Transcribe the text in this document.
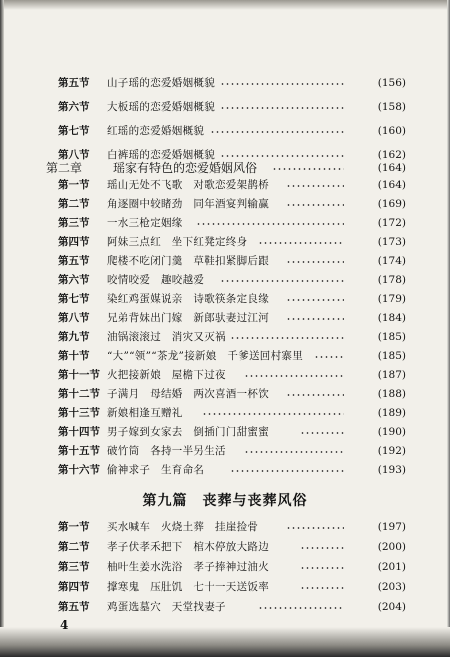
第五节 山子瑶的恋爱婚姻概貌	(156)
第六节 大板瑶的恋爱婚姻概貌	(158)
第七节 红瑶的恋爱婚姻概貌	(160)
第八节 白裤瑶的恋爱婚姻概貌	(162)
第二章	瑶家有特色的恋爱婚姻风俗	(164)
第一节 瑶山无处不飞歌　对歌恋爱架鹊桥	(164)
第二节 角逐圈中较睹劲　同年酒宴判输赢	(169)
第三节 一水三枪定姻缘	(172)
第四节 阿妹三点红　坐下红凳定终身	(173)
第五节 爬楼不吃闭门羹　草鞋扣紧脚后跟	(174)
第六节 咬情咬爱　趣咬越爱	(178)
第七节 染红鸡蛋媒说亲　诗歌筷条定良缘	(179)
第八节 兄弟背妹出门嫁　新郎驮妻过江河	(184)
第九节 油锅滚滚过　消灾又灭祸	(185)
第十节 “大”“领”“茶龙”接新娘　千爹送回村寨里	(185)
第十一节 火把接新娘　屋檐下过夜	(187)
第十二节 子满月　母结婚　两次喜酒一杯饮	(188)
第十三节 新娘相逢互赠礼	(189)
第十四节 男子嫁到女家去　倒插门门甜蜜蜜	(190)
第十五节 破竹筒　各持一半另生活	(192)
第十六节 偷神求子　生育命名	(193)
第九篇　丧葬与丧葬风俗
第一节 买水喊车　火烧土葬　挂崖捡骨	(197)
第二节 孝子伏孝禾把下　棺木停放大路边	(200)
第三节 柚叶生姜水洗浴　孝子捧神过油火	(201)
第四节 撑寒鬼　压肚饥　七十一天送饭率	(203)
第五节 鸡蛋选墓穴　天堂找妻子	(204)
4
